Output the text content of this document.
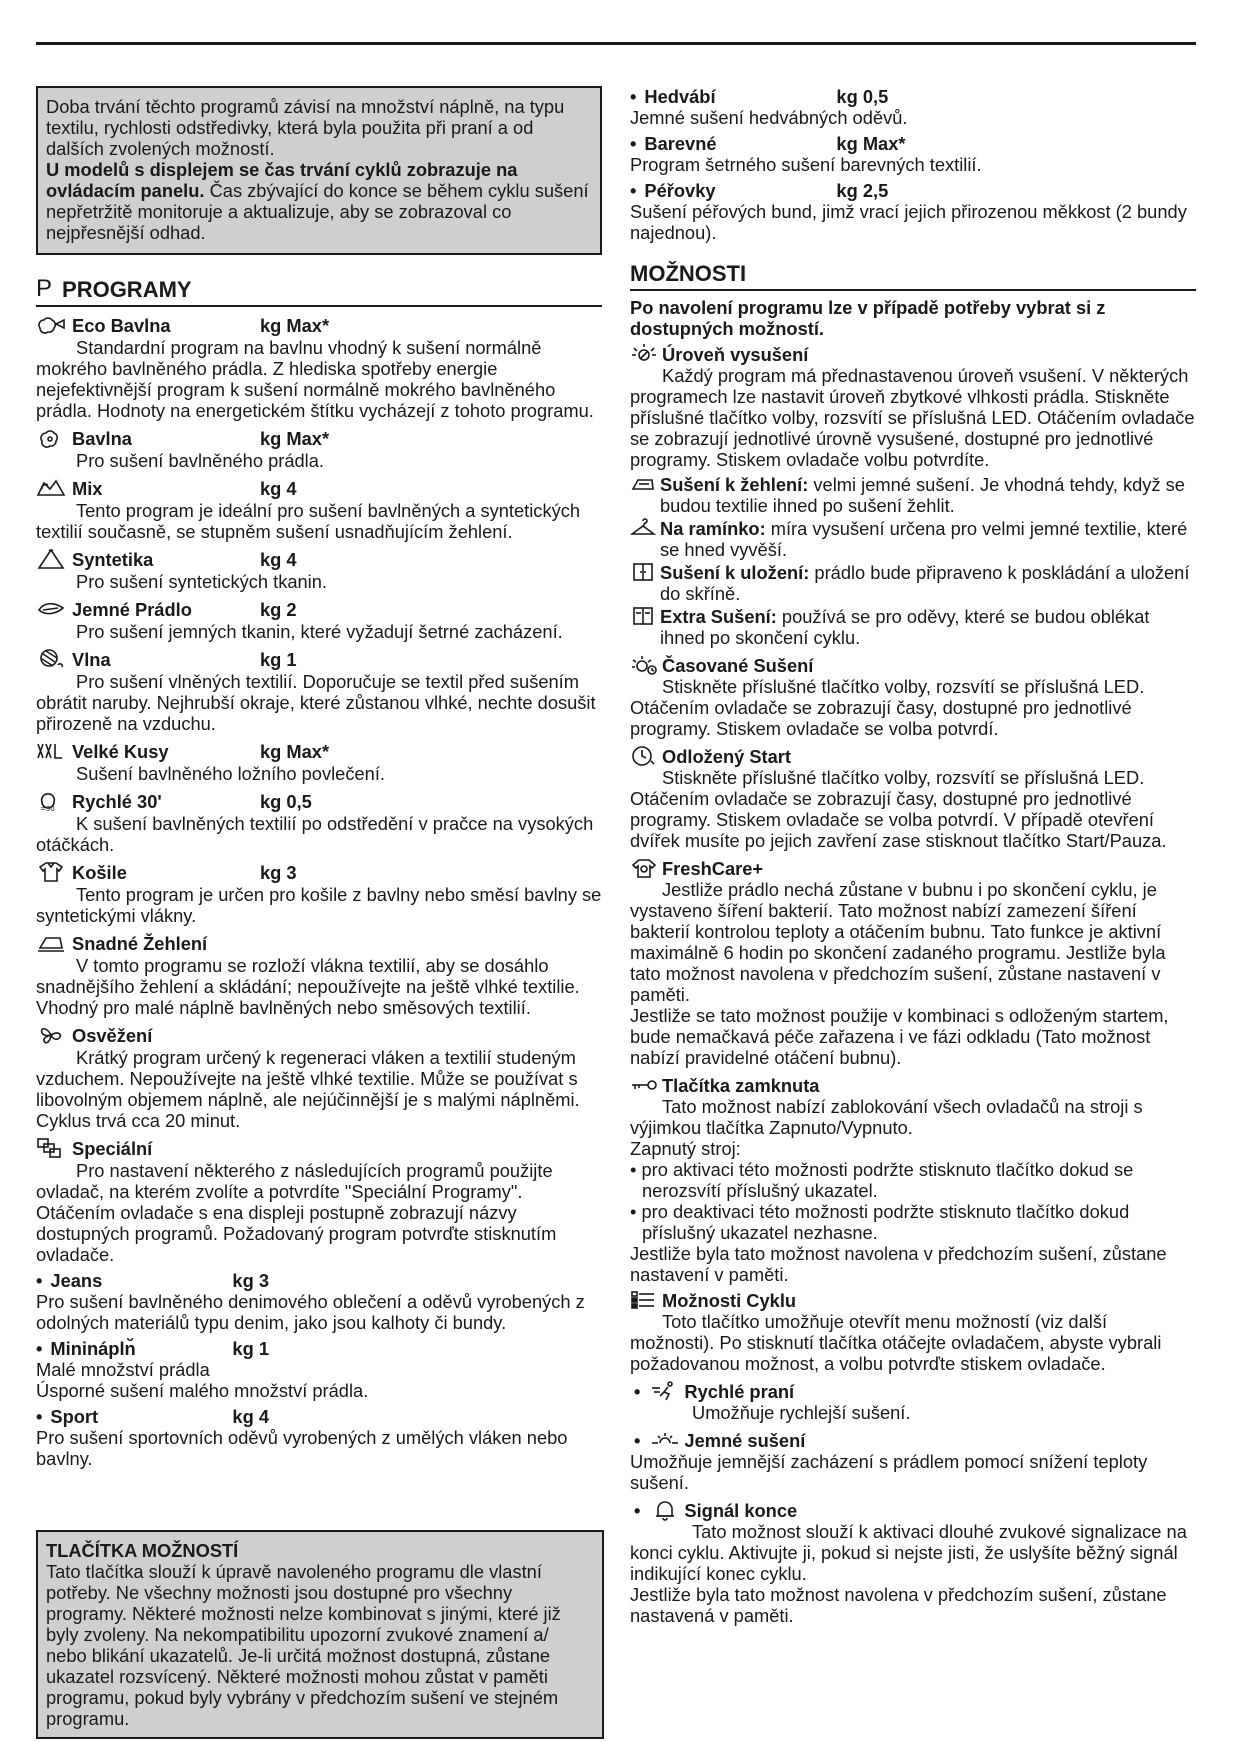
Doba trvání těchto programů závisí na množství náplně, na typu textilu, rychlosti odstředivky, která byla použita při praní a od dalších zvolených možností.
U modelů s displejem se čas trvání cyklů zobrazuje na ovládacím panelu. Čas zbývající do konce se během cyklu sušení nepřetržitě monitoruje a aktualizuje, aby se zobrazoval co nejpřesnější odhad.
P PROGRAMY
Eco Bavlna	kg Max*
Standardní program na bavlnu vhodný k sušení normálně mokrého bavlněného prádla. Z hlediska spotřeby energie nejefektivnější program k sušení normálně mokrého bavlněného prádla. Hodnoty na energetickém štítku vycházejí z tohoto programu.
Bavlna	kg Max*
Pro sušení bavlněného prádla.
Mix	kg 4
Tento program je ideální pro sušení bavlněných a syntetických textilií současně, se stupněm sušení usnadňujícím žehlení.
Syntetika	kg 4
Pro sušení syntetických tkanin.
Jemné Prádlo	kg 2
Pro sušení jemných tkanin, které vyžadují šetrné zacházení.
Vlna	kg 1
Pro sušení vlněných textilií. Doporučuje se textil před sušením obrátit naruby. Nejhrubší okraje, které zůstanou vlhké, nechte dosušit přirozeně na vzduchu.
Velké Kusy	kg Max*
Sušení bavlněného ložního povlečení.
=30 Rychlé 30'	kg 0,5
K sušení bavlněných textilií po odstředění v pračce na vysokých otáčkách.
Košile	kg 3
Tento program je určen pro košile z bavlny nebo směsí bavlny se syntetickými vlákny.
Snadné Žehlení
V tomto programu se rozloží vlákna textilií, aby se dosáhlo snadnějšího žehlení a skládání; nepoužívejte na ještě vlhké textilie. Vhodný pro malé náplně bavlněných nebo směsových textilií.
Osvěžení
Krátký program určený k regeneraci vláken a textilií studeným vzduchem. Nepoužívejte na ještě vlhké textilie. Může se používat s libovolným objemem náplně, ale nejúčinnější je s malými náplněmi. Cyklus trvá cca 20 minut.
Speciální
Pro nastavení některého z následujících programů použijte ovladač, na kterém zvolíte a potvrdíte "Speciální Programy". Otáčením ovladače s ena displeji postupně zobrazují názvy dostupných programů. Požadovaný program potvrďte stisknutím ovladače.
• Jeans	kg 3
Pro sušení bavlněného denimového oblečení a oděvů vyrobených z odolných materiálů typu denim, jako jsou kalhoty či bundy.
• Mininápln̆	kg 1
Malé množství prádla
Úsporné sušení malého množství prádla.
• Sport	kg 4
Pro sušení sportovních oděvů vyrobených z umělých vláken nebo bavlny.
TLAČÍTKA MOŽNOSTÍ
Tato tlačítka slouží k úpravě navoleného programu dle vlastní potřeby. Ne všechny možnosti jsou dostupné pro všechny programy. Některé možnosti nelze kombinovat s jinými, které již byly zvoleny. Na nekompatibilitu upozorní zvukové znamení a/ nebo blikání ukazatelů. Je-li určitá možnost dostupná, zůstane ukazatel rozsvícený. Některé možnosti mohou zůstat v paměti programu, pokud byly vybrány v předchozím sušení ve stejném programu.
• Hedvábí	kg 0,5
Jemné sušení hedvábných oděvů.
• Barevné	kg Max*
Program šetrného sušení barevných textilií.
• Péřovky	kg 2,5
Sušení péřových bund, jimž vrací jejich přirozenou měkkost (2 bundy najednou).
MOŽNOSTI
Po navolení programu lze v případě potřeby vybrat si z dostupných možností.
Úroveň vysušení
Každý program má přednastavenou úroveň vsušení. V některých programech lze nastavit úroveň zbytkové vlhkosti prádla. Stiskněte příslušné tlačítko volby, rozsvítí se příslušná LED. Otáčením ovladače se zobrazují jednotlivé úrovně vysušené, dostupné pro jednotlivé programy. Stiskem ovladače volbu potvrdíte.
Sušení k žehlení: velmi jemné sušení. Je vhodná tehdy, když se budou textilie ihned po sušení žehlit.
Na ramínko: míra vysušení určena pro velmi jemné textilie, které se hned vyvěší.
Sušení k uložení: prádlo bude připraveno k poskládání a uložení do skříně.
Extra Sušení: používá se pro oděvy, které se budou oblékat ihned po skončení cyklu.
Časované Sušení
Stiskněte příslušné tlačítko volby, rozsvítí se příslušná LED. Otáčením ovladače se zobrazují časy, dostupné pro jednotlivé programy. Stiskem ovladače se volba potvrdí.
Odložený Start
Stiskněte příslušné tlačítko volby, rozsvítí se příslušná LED. Otáčením ovladače se zobrazují časy, dostupné pro jednotlivé programy. Stiskem ovladače se volba potvrdí. V případě otevření dvířek musíte po jejich zavření zase stisknout tlačítko Start/Pauza.
FreshCare+
Jestliže prádlo nechá zůstane v bubnu i po skončení cyklu, je vystaveno šíření bakterií. Tato možnost nabízí zamezení šíření bakterií kontrolou teploty a otáčením bubnu. Tato funkce je aktivní maximálně 6 hodin po skončení zadaného programu. Jestliže byla tato možnost navolena v předchozím sušení, zůstane nastavení v paměti.
Jestliže se tato možnost použije v kombinaci s odloženým startem, bude nemačkavá péče zařazena i ve fázi odkladu (Tato možnost nabízí pravidelné otáčení bubnu).
Tlačítka zamknuta
Tato možnost nabízí zablokování všech ovladačů na stroji s výjimkou tlačítka Zapnuto/Vypnuto.
Zapnutý stroj:
• pro aktivaci této možnosti podržte stisknuto tlačítko dokud se nerozsvítí příslušný ukazatel.
• pro deaktivaci této možnosti podržte stisknuto tlačítko dokud příslušný ukazatel nezhasne.
Jestliže byla tato možnost navolena v předchozím sušení, zůstane nastavení v paměti.
Možnosti Cyklu
Toto tlačítko umožňuje otevřít menu možností (viz další možnosti). Po stisknutí tlačítka otáčejte ovladačem, abyste vybrali požadovanou možnost, a volbu potvrďte stiskem ovladače.
• Rychlé praní
Umožňuje rychlejší sušení.
• Jemné sušení
Umožňuje jemnější zacházení s prádlem pomocí snížení teploty sušení.
• Signál konce
Tato možnost slouží k aktivaci dlouhé zvukové signalizace na konci cyklu. Aktivujte ji, pokud si nejste jisti, že uslyšíte běžný signál indikující konec cyklu.
Jestliže byla tato možnost navolena v předchozím sušení, zůstane nastavená v paměti.
